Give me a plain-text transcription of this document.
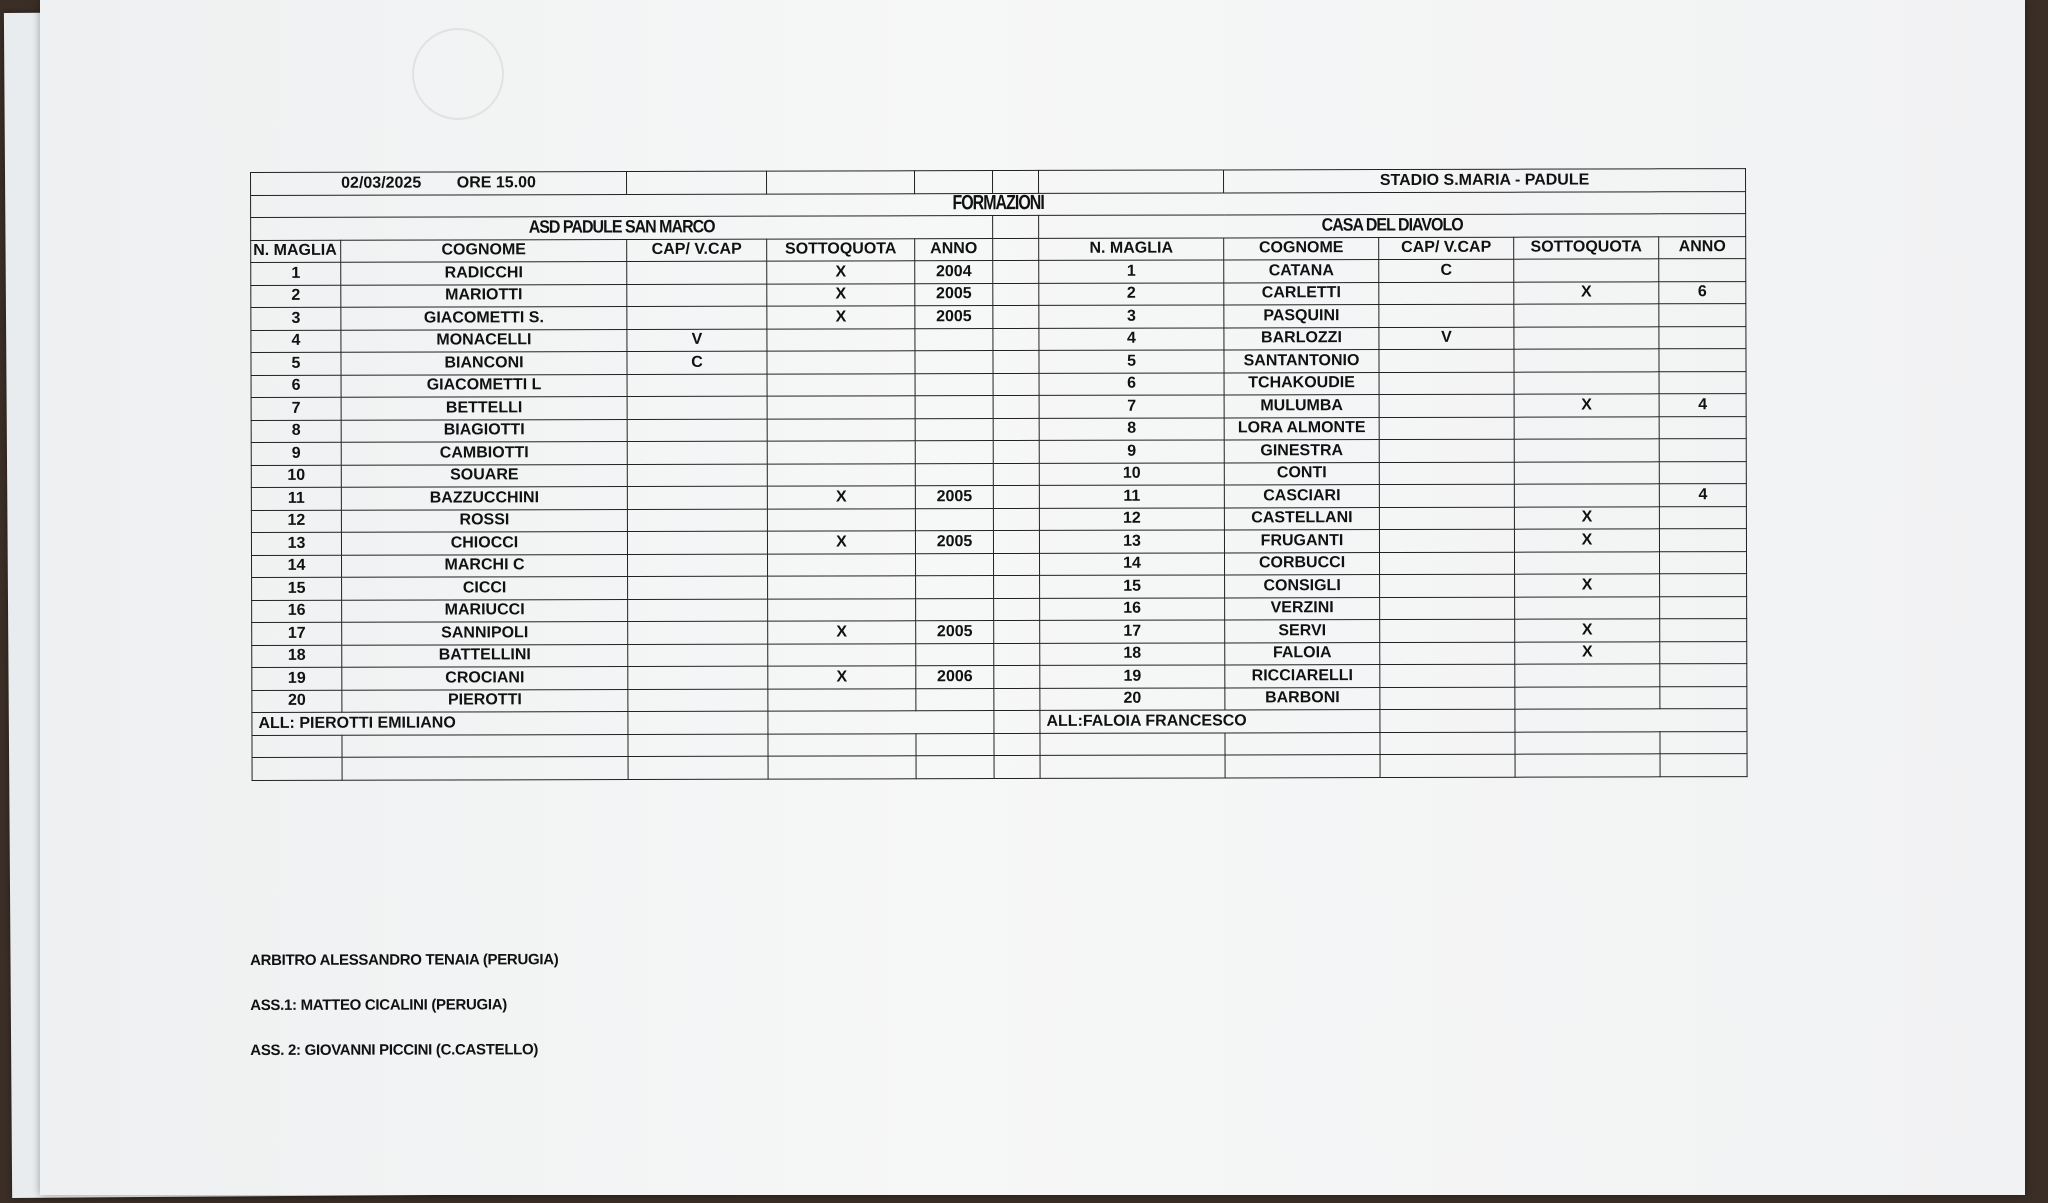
02/03/2025 ORE 15.00							STADIO S.MARIA - PADULE			
FORMAZIONI										
ASD PADULE SAN MARCO						CASA DEL DIAVOLO				
N. MAGLIA	COGNOME	CAP/ V.CAP	SOTTOQUOTA	ANNO		N. MAGLIA	COGNOME	CAP/ V.CAP	SOTTOQUOTA	ANNO
1	RADICCHI		X	2004		1	CATANA	C		
2	MARIOTTI		X	2005		2	CARLETTI		X	6
3	GIACOMETTI S.		X	2005		3	PASQUINI			
4	MONACELLI	V				4	BARLOZZI	V		
5	BIANCONI	C				5	SANTANTONIO			
6	GIACOMETTI L					6	TCHAKOUDIE			
7	BETTELLI					7	MULUMBA		X	4
8	BIAGIOTTI					8	LORA ALMONTE			
9	CAMBIOTTI					9	GINESTRA			
10	SOUARE					10	CONTI			
11	BAZZUCCHINI		X	2005		11	CASCIARI			4
12	ROSSI					12	CASTELLANI		X	
13	CHIOCCI		X	2005		13	FRUGANTI		X	
14	MARCHI C					14	CORBUCCI			
15	CICCI					15	CONSIGLI		X	
16	MARIUCCI					16	VERZINI			
17	SANNIPOLI		X	2005		17	SERVI		X	
18	BATTELLINI					18	FALOIA		X	
19	CROCIANI		X	2006		19	RICCIARELLI			
20	PIEROTTI					20	BARBONI			
ALL: PIEROTTI EMILIANO						ALL:FALOIA FRANCESCO				

ARBITRO ALESSANDRO TENAIA (PERUGIA)
ASS.1: MATTEO CICALINI (PERUGIA)
ASS. 2: GIOVANNI PICCINI (C.CASTELLO)
